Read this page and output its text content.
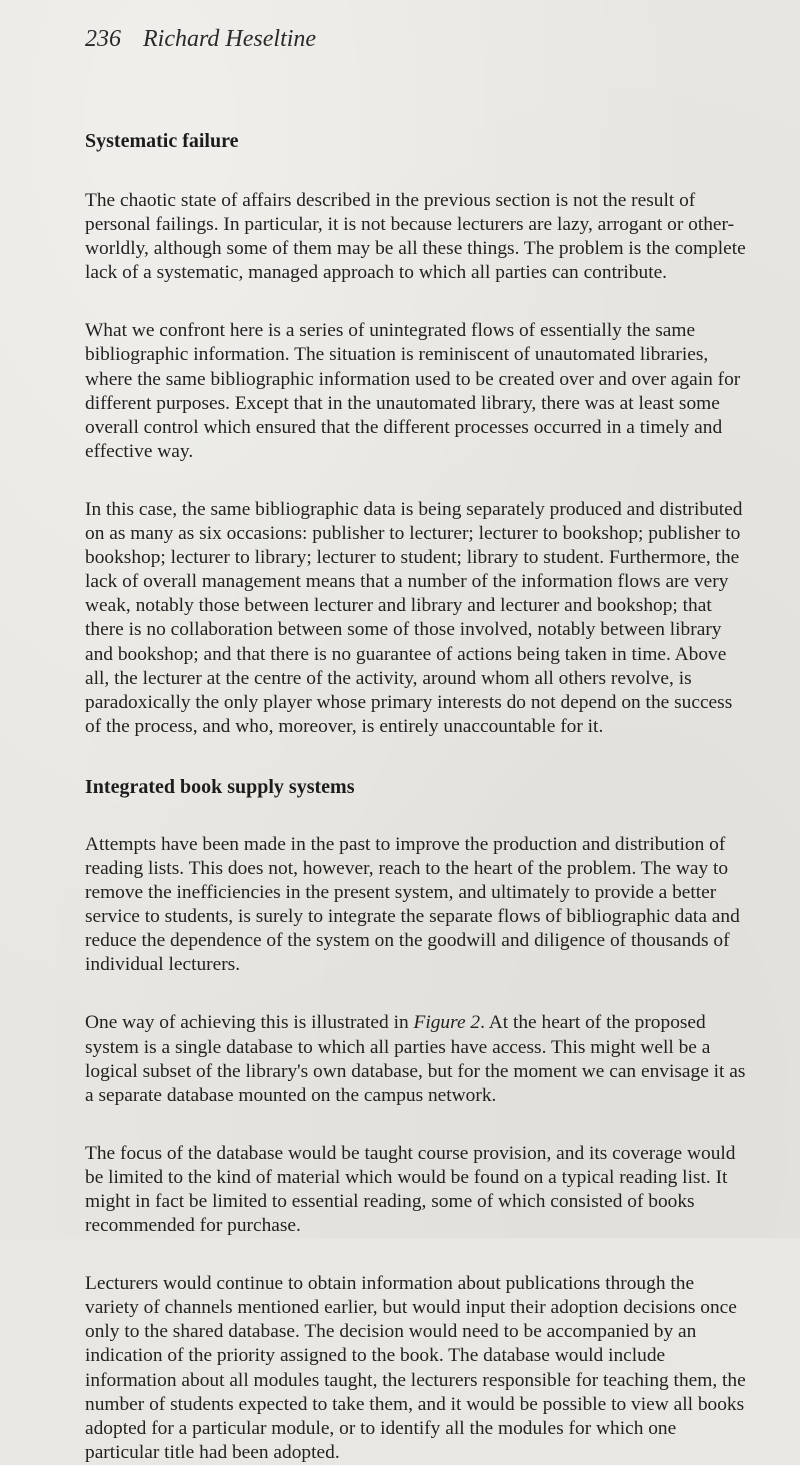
236 Richard Heseltine
Systematic failure

The chaotic state of affairs described in the previous section is not the result of personal failings. In particular, it is not because lecturers are lazy, arrogant or other-worldly, although some of them may be all these things. The problem is the complete lack of a systematic, managed approach to which all parties can contribute.

What we confront here is a series of unintegrated flows of essentially the same bibliographic information. The situation is reminiscent of unautomated libraries, where the same bibliographic information used to be created over and over again for different purposes. Except that in the unautomated library, there was at least some overall control which ensured that the different processes occurred in a timely and effective way.

In this case, the same bibliographic data is being separately produced and distributed on as many as six occasions: publisher to lecturer; lecturer to bookshop; publisher to bookshop; lecturer to library; lecturer to student; library to student. Furthermore, the lack of overall management means that a number of the information flows are very weak, notably those between lecturer and library and lecturer and bookshop; that there is no collaboration between some of those involved, notably between library and bookshop; and that there is no guarantee of actions being taken in time. Above all, the lecturer at the centre of the activity, around whom all others revolve, is paradoxically the only player whose primary interests do not depend on the success of the process, and who, moreover, is entirely unaccountable for it.

Integrated book supply systems

Attempts have been made in the past to improve the production and distribution of reading lists. This does not, however, reach to the heart of the problem. The way to remove the inefficiencies in the present system, and ultimately to provide a better service to students, is surely to integrate the separate flows of bibliographic data and reduce the dependence of the system on the goodwill and diligence of thousands of individual lecturers.

One way of achieving this is illustrated in Figure 2. At the heart of the proposed system is a single database to which all parties have access. This might well be a logical subset of the library's own database, but for the moment we can envisage it as a separate database mounted on the campus network.

The focus of the database would be taught course provision, and its coverage would be limited to the kind of material which would be found on a typical reading list. It might in fact be limited to essential reading, some of which consisted of books recommended for purchase.

Lecturers would continue to obtain information about publications through the variety of channels mentioned earlier, but would input their adoption decisions once only to the shared database. The decision would need to be accompanied by an indication of the priority assigned to the book. The database would include information about all modules taught, the lecturers responsible for teaching them, the number of students expected to take them, and it would be possible to view all books adopted for a particular module, or to identify all the modules for which one particular title had been adopted.
